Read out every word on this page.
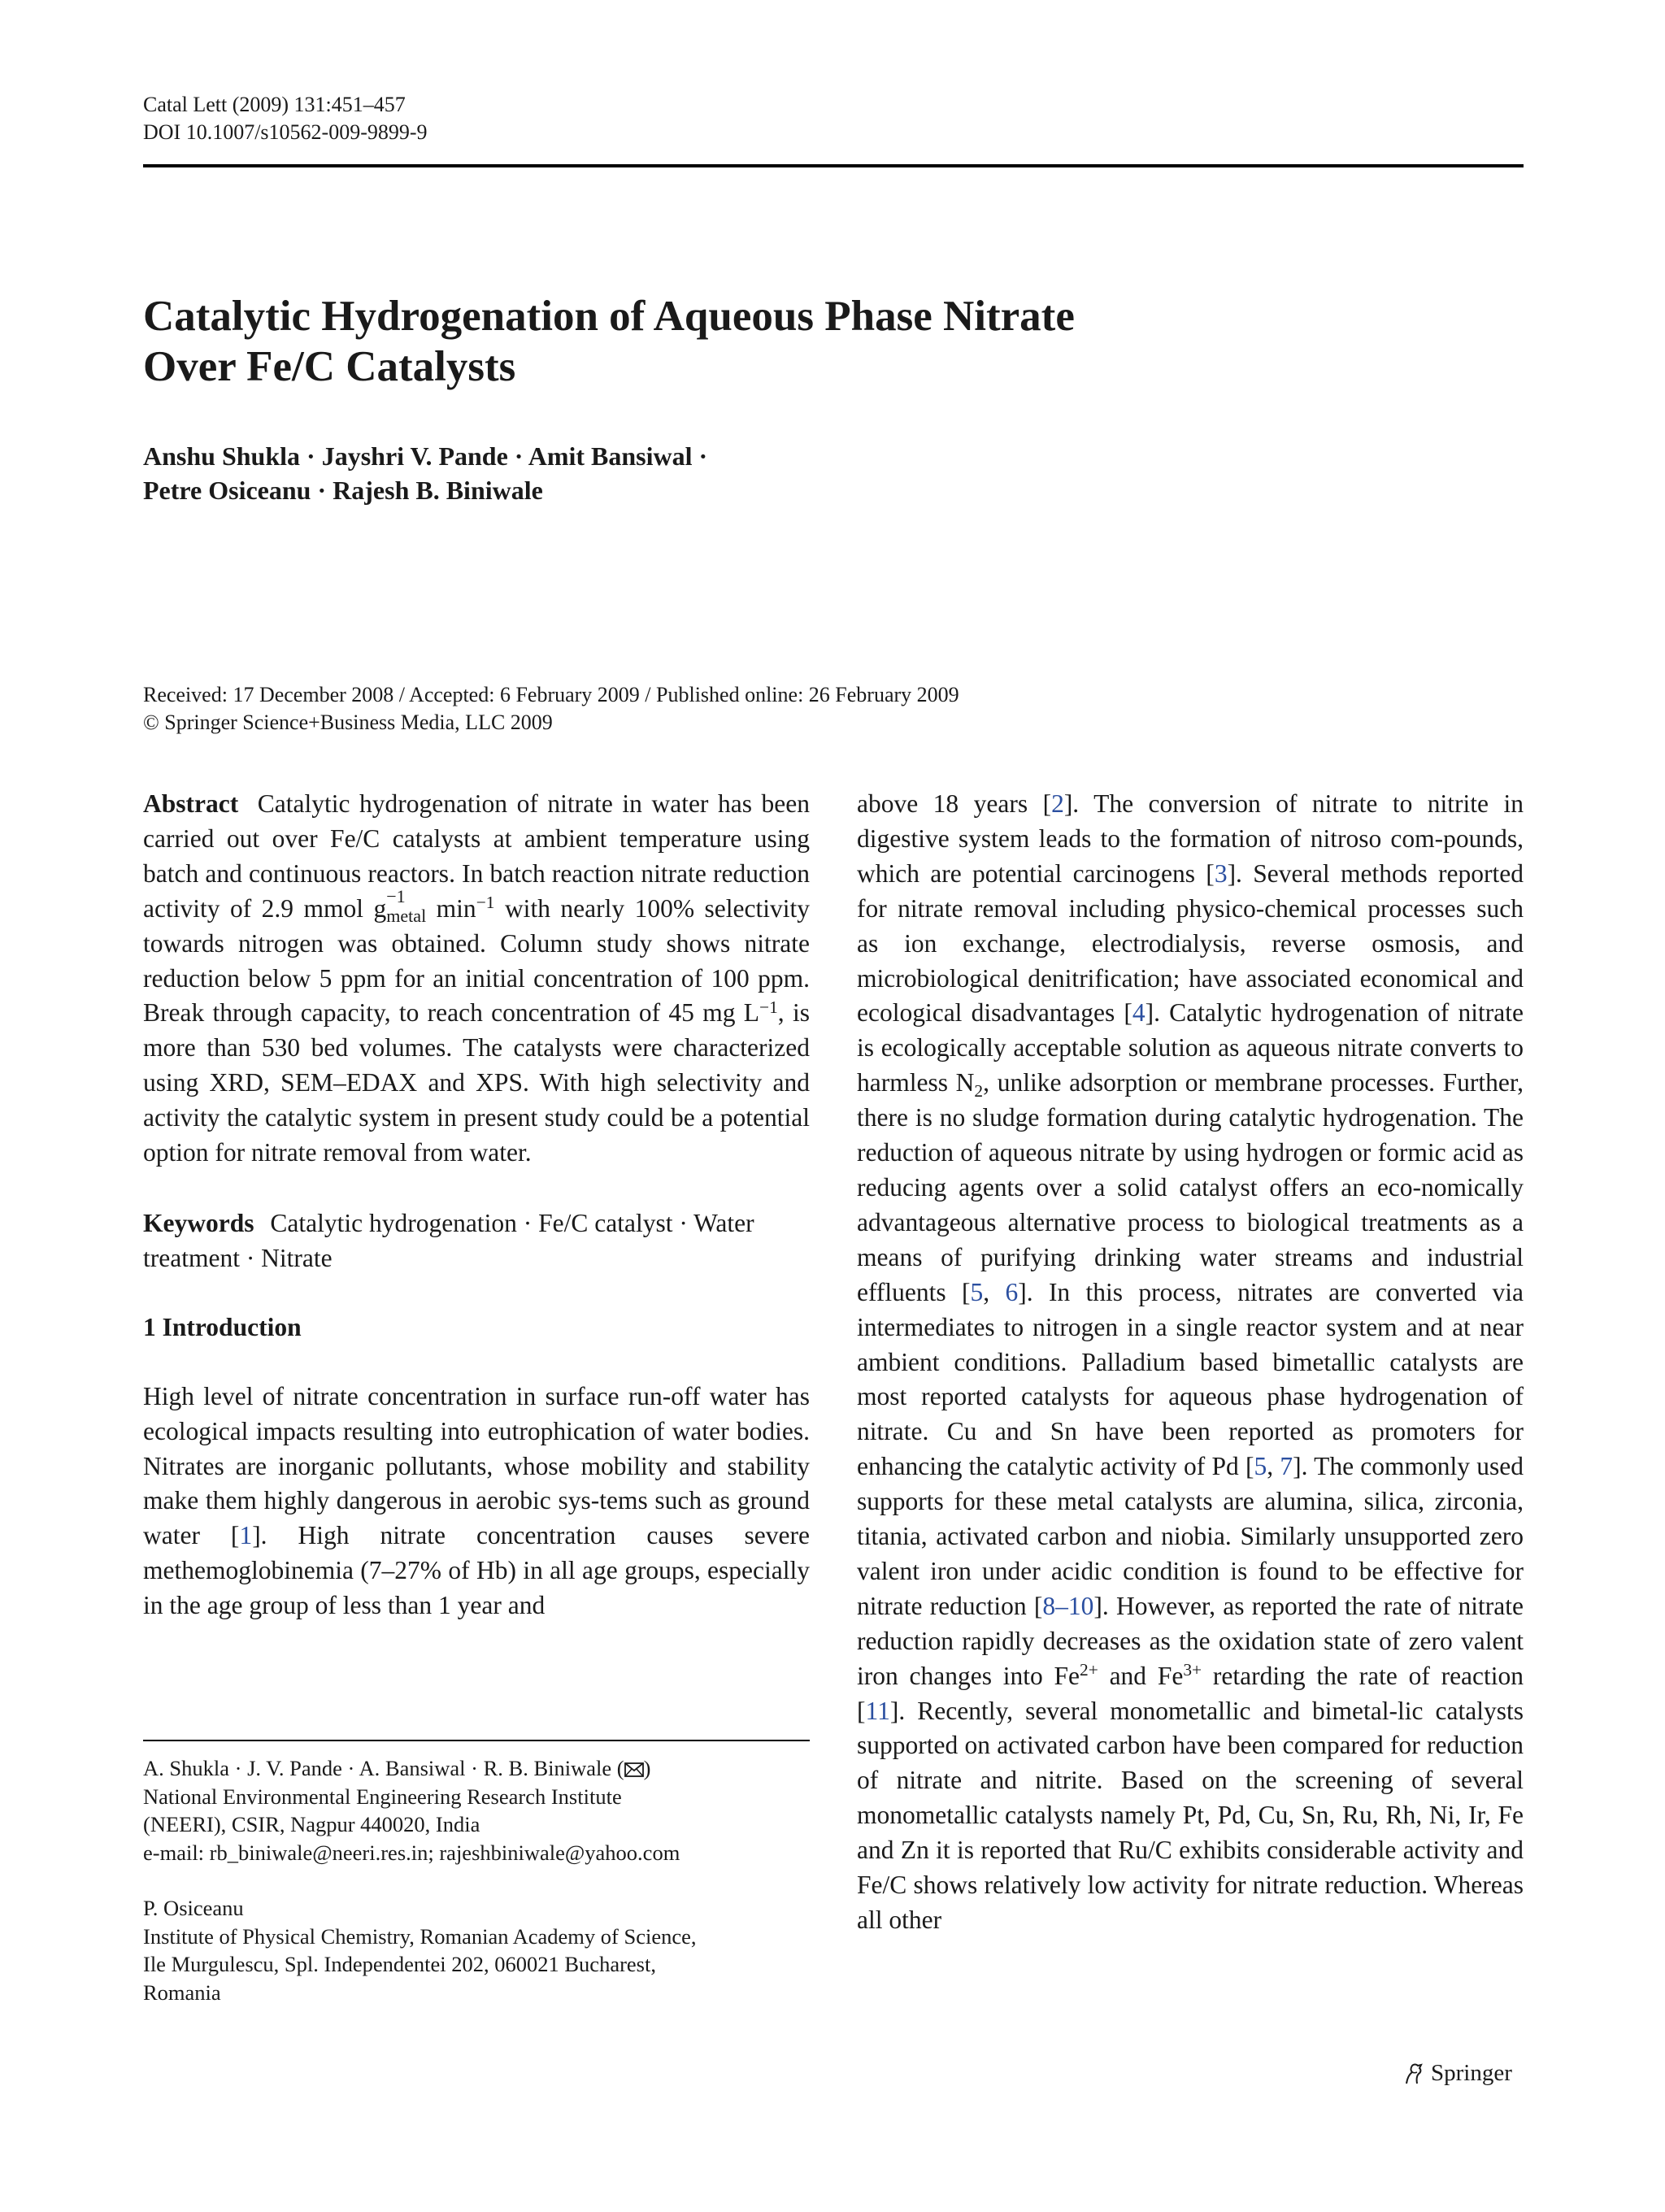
Catal Lett (2009) 131:451–457
DOI 10.1007/s10562-009-9899-9
Catalytic Hydrogenation of Aqueous Phase Nitrate
Over Fe/C Catalysts
Anshu Shukla · Jayshri V. Pande · Amit Bansiwal ·
Petre Osiceanu · Rajesh B. Biniwale
Received: 17 December 2008 / Accepted: 6 February 2009 / Published online: 26 February 2009
© Springer Science+Business Media, LLC 2009

Abstract Catalytic hydrogenation of nitrate in water has been carried out over Fe/C catalysts at ambient temperature using batch and continuous reactors. In batch reaction nitrate reduction activity of 2.9 mmol g −1
metal $\min^{-1}$ with nearly 100% selectivity towards nitrogen was obtained. Column study shows nitrate reduction below 5 ppm for an initial concentration of 100 ppm. Break through capacity, to reach concentration of 45 mg $L^{-1}$, is more than 530 bed volumes. The catalysts were characterized using XRD, SEM–EDAX and XPS. With high selectivity and activity the catalytic system in present study could be a potential option for nitrate removal from water.

Keywords Catalytic hydrogenation · Fe/C catalyst · Water treatment · Nitrate

1 Introduction

High level of nitrate concentration in surface run-off water has ecological impacts resulting into eutrophication of water bodies. Nitrates are inorganic pollutants, whose mobility and stability make them highly dangerous in aerobic sys-tems such as ground water [1]. High nitrate concentration causes severe methemoglobinemia (7–27% of Hb) in all age groups, especially in the age group of less than 1 year and

A. Shukla · J. V. Pande · A. Bansiwal · R. B. Biniwale ( )
National Environmental Engineering Research Institute
(NEERI), CSIR, Nagpur 440020, India
e-mail: rb_biniwale@neeri.res.in; rajeshbiniwale@yahoo.com

P. Osiceanu
Institute of Physical Chemistry, Romanian Academy of Science,
Ile Murgulescu, Spl. Independentei 202, 060021 Bucharest,
Romania

above 18 years [2]. The conversion of nitrate to nitrite in digestive system leads to the formation of nitroso com-pounds, which are potential carcinogens [3]. Several methods reported for nitrate removal including physico-chemical processes such as ion exchange, electrodialysis, reverse osmosis, and microbiological denitrification; have associated economical and ecological disadvantages [4]. Catalytic hydrogenation of nitrate is ecologically acceptable solution as aqueous nitrate converts to harmless $N_2$, unlike adsorption or membrane processes. Further, there is no sludge formation during catalytic hydrogenation. The reduction of aqueous nitrate by using hydrogen or formic acid as reducing agents over a solid catalyst offers an eco-nomically advantageous alternative process to biological treatments as a means of purifying drinking water streams and industrial effluents [5, 6]. In this process, nitrates are converted via intermediates to nitrogen in a single reactor system and at near ambient conditions. Palladium based bimetallic catalysts are most reported catalysts for aqueous phase hydrogenation of nitrate. Cu and Sn have been reported as promoters for enhancing the catalytic activity of Pd [5, 7]. The commonly used supports for these metal catalysts are alumina, silica, zirconia, titania, activated carbon and niobia. Similarly unsupported zero valent iron under acidic condition is found to be effective for nitrate reduction [8–10]. However, as reported the rate of nitrate reduction rapidly decreases as the oxidation state of zero valent iron changes into $Fe^{2+}$ and $Fe^{3+}$ retarding the rate of reaction [11]. Recently, several monometallic and bimetal-lic catalysts supported on activated carbon have been compared for reduction of nitrate and nitrite. Based on the screening of several monometallic catalysts namely Pt, Pd, Cu, Sn, Ru, Rh, Ni, Ir, Fe and Zn it is reported that Ru/C exhibits considerable activity and Fe/C shows relatively low activity for nitrate reduction. Whereas all other

Springer
